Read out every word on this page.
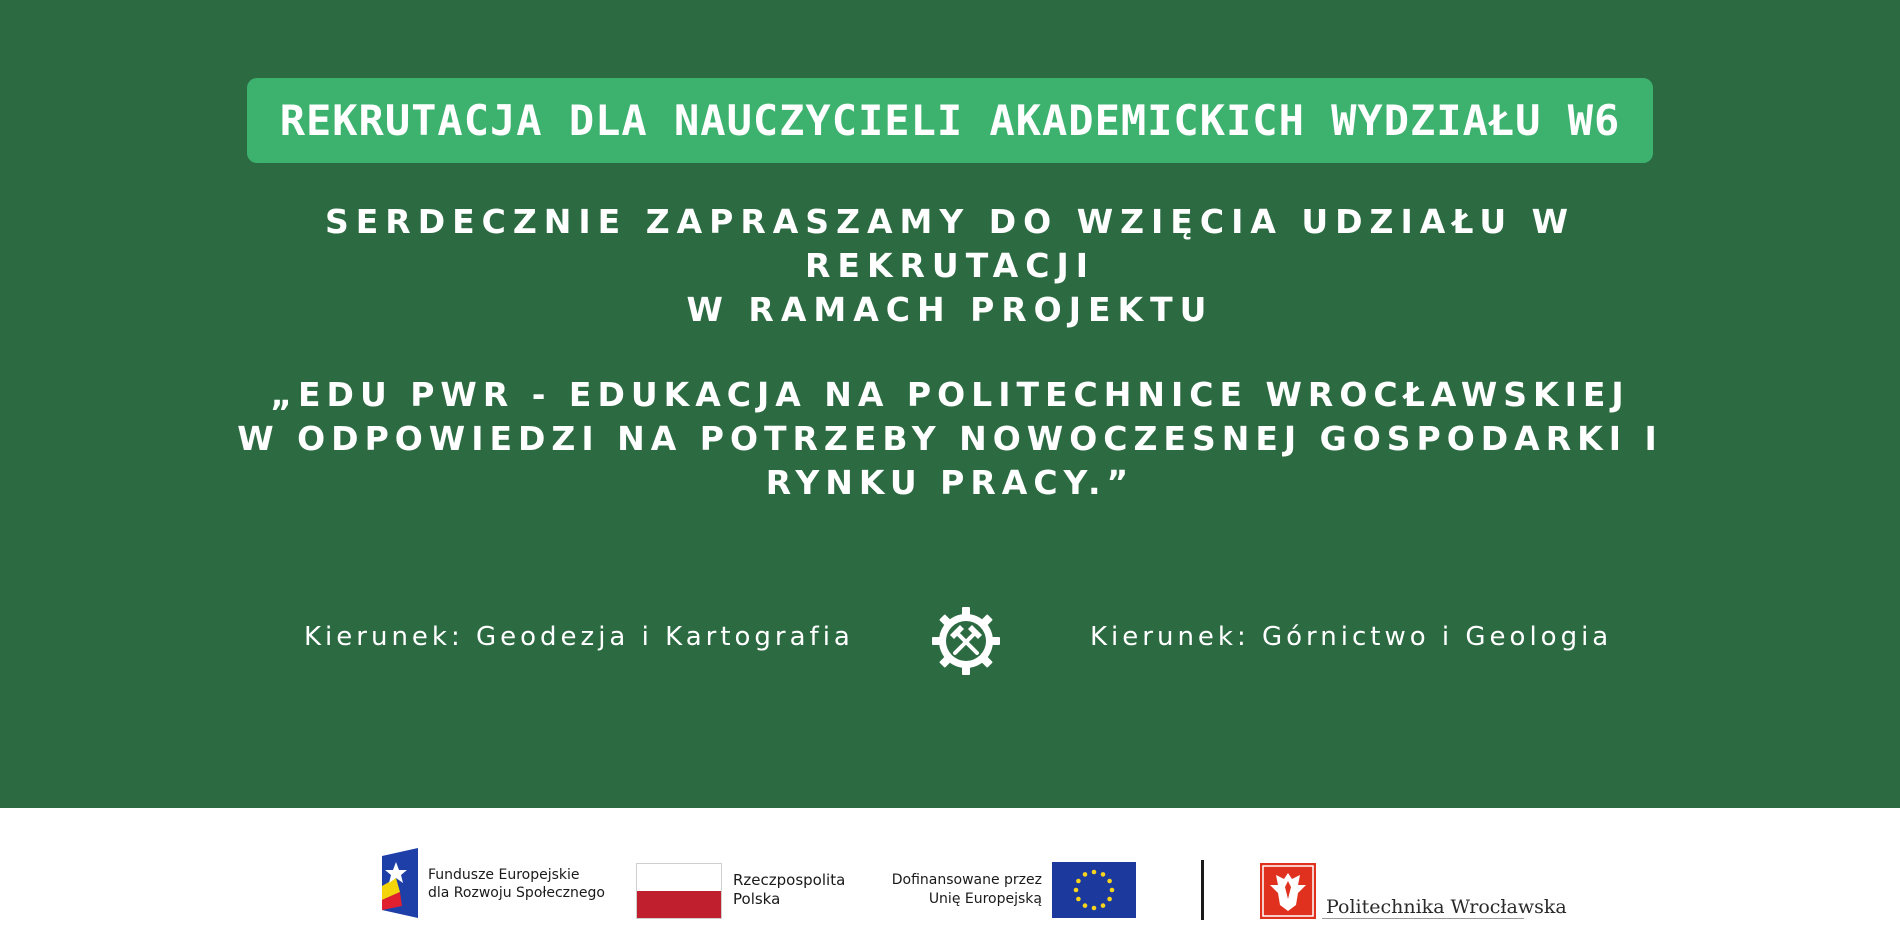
REKRUTACJA DLA NAUCZYCIELI AKADEMICKICH WYDZIAŁU W6
SERDECZNIE ZAPRASZAMY DO WZIĘCIA UDZIAŁU W
REKRUTACJI
W RAMACH PROJEKTU
„EDU PWR - EDUKACJA NA POLITECHNICE WROCŁAWSKIEJ
W ODPOWIEDZI NA POTRZEBY NOWOCZESNEJ GOSPODARKI I
RYNKU PRACY.”
Kierunek: Geodezja i Kartografia	Kierunek: Górnictwo i Geologia
Fundusze Europejskie
dla Rozwoju Społecznego
Rzeczpospolita
Polska
Dofinansowane przez
Unię Europejską	Politechnika Wrocławska
